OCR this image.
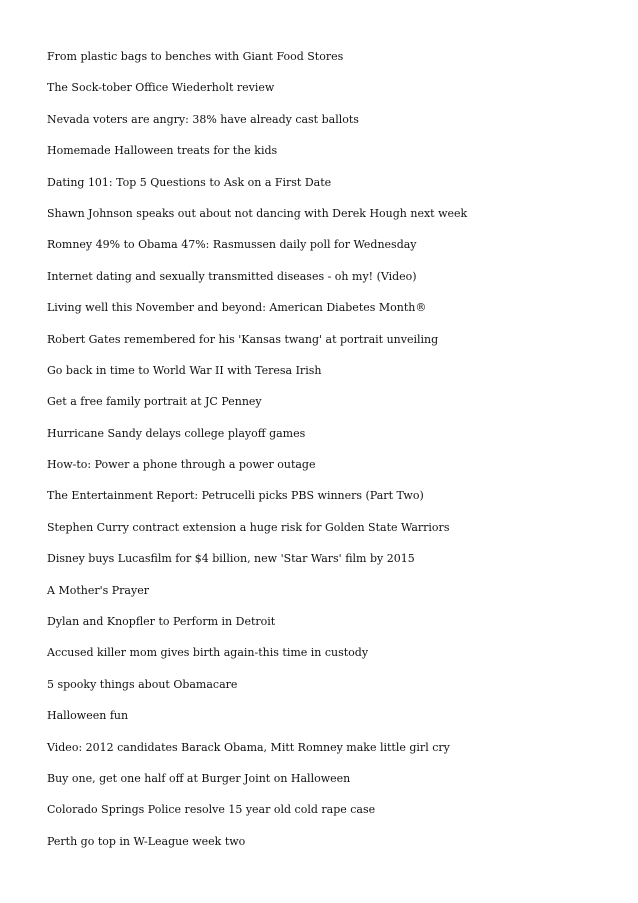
From plastic bags to benches with Giant Food Stores
The Sock-tober Office Wiederholt review
Nevada voters are angry: 38% have already cast ballots
Homemade Halloween treats for the kids
Dating 101: Top 5 Questions to Ask on a First Date
Shawn Johnson speaks out about not dancing with Derek Hough next week
Romney 49% to Obama 47%: Rasmussen daily poll for Wednesday
Internet dating and sexually transmitted diseases - oh my! (Video)
Living well this November and beyond: American Diabetes Month®
Robert Gates remembered for his 'Kansas twang' at portrait unveiling
Go back in time to World War II with Teresa Irish
Get a free family portrait at JC Penney
Hurricane Sandy delays college playoff games
How-to: Power a phone through a power outage
The Entertainment Report: Petrucelli picks PBS winners (Part Two)
Stephen Curry contract extension a huge risk for Golden State Warriors
Disney buys Lucasfilm for $4 billion, new 'Star Wars' film by 2015
A Mother's Prayer
Dylan and Knopfler to Perform in Detroit
Accused killer mom gives birth again-this time in custody
5 spooky things about Obamacare
Halloween fun
Video: 2012 candidates Barack Obama, Mitt Romney make little girl cry
Buy one, get one half off at Burger Joint on Halloween
Colorado Springs Police resolve 15 year old cold rape case
Perth go top in W-League week two
